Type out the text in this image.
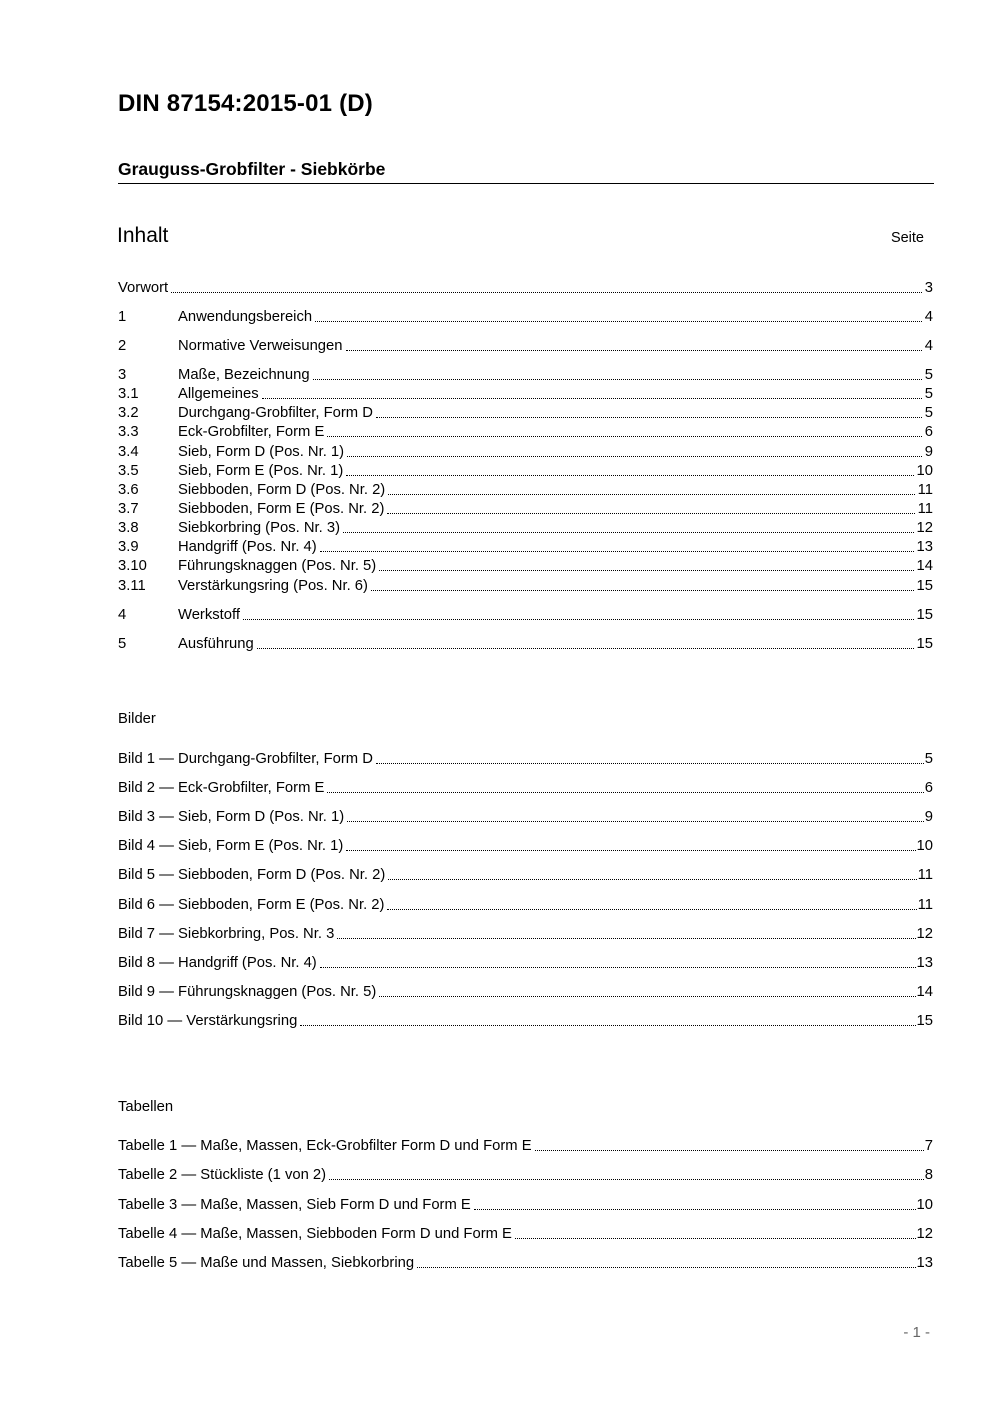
DIN 87154:2015-01 (D)
Grauguss-Grobfilter - Siebkörbe
Inhalt	Seite
Vorwort	3
1	Anwendungsbereich	4
2	Normative Verweisungen	4
3	Maße, Bezeichnung	5
3.1	Allgemeines	5
3.2	Durchgang-Grobfilter, Form D	5
3.3	Eck-Grobfilter, Form E	6
3.4	Sieb, Form D (Pos. Nr. 1)	9
3.5	Sieb, Form E (Pos. Nr. 1)	10
3.6	Siebboden, Form D (Pos. Nr. 2)	11
3.7	Siebboden, Form E (Pos. Nr. 2)	11
3.8	Siebkorbring (Pos. Nr. 3)	12
3.9	Handgriff (Pos. Nr. 4)	13
3.10	Führungsknaggen (Pos. Nr. 5)	14
3.11	Verstärkungsring (Pos. Nr. 6)	15
4	Werkstoff	15
5	Ausführung	15
Bilder
Bild 1 — Durchgang-Grobfilter, Form D	5
Bild 2 — Eck-Grobfilter, Form E	6
Bild 3 — Sieb, Form D (Pos. Nr. 1)	9
Bild 4 — Sieb, Form E (Pos. Nr. 1)	10
Bild 5 — Siebboden, Form D (Pos. Nr. 2)	11
Bild 6 — Siebboden, Form E (Pos. Nr. 2)	11
Bild 7 — Siebkorbring, Pos. Nr. 3	12
Bild 8 — Handgriff (Pos. Nr. 4)	13
Bild 9 — Führungsknaggen (Pos. Nr. 5)	14
Bild 10 — Verstärkungsring	15
Tabellen
Tabelle 1 — Maße, Massen, Eck-Grobfilter Form D und Form E	7
Tabelle 2 — Stückliste (1 von 2)	8
Tabelle 3 — Maße, Massen, Sieb Form D und Form E	10
Tabelle 4 — Maße, Massen, Siebboden Form D und Form E	12
Tabelle 5 — Maße und Massen, Siebkorbring	13
- 1 -
